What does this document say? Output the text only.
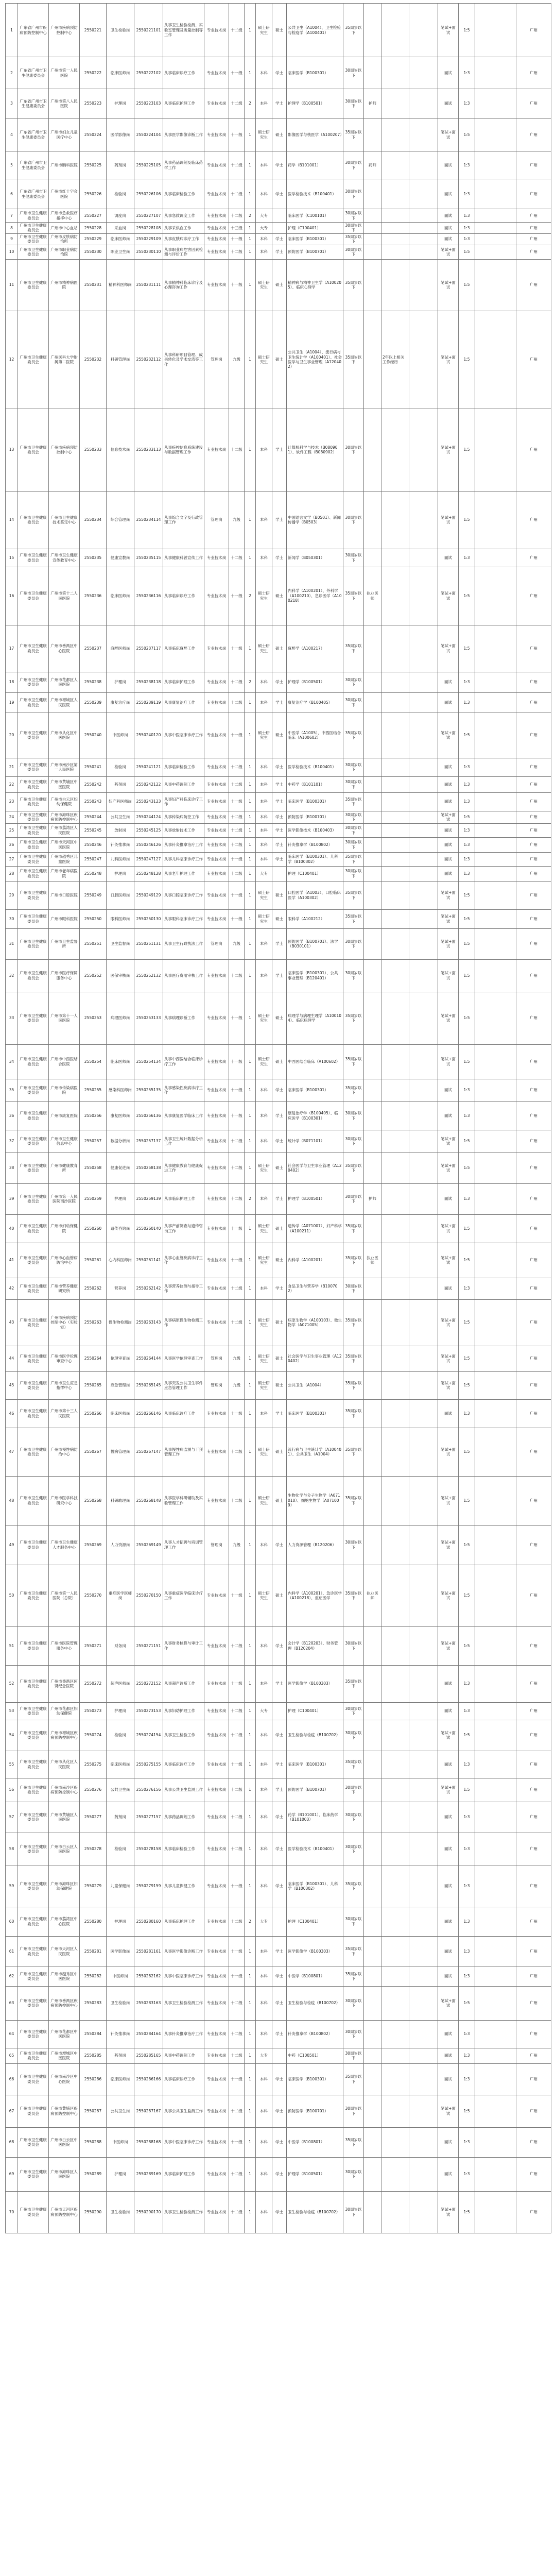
1	广东省广州市疾病预防控制中心	广州市疾病预防控制中心	2550221	卫生检验岗	2550221101	从事卫生检验检测、实验室管理及质量控制等工作	专业技术岗	十二级	1	硕士研究生	硕士	公共卫生（A1004）、卫生检验与检疫学（A100401）	35周岁以下				笔试+面试	1:5		广州
2	广东省广州市卫生健康委员会	广州市第一人民医院	2550222	临床医师岗	2550222102	从事临床诊疗工作	专业技术岗	十一级	1	本科	学士	临床医学（B100301）	30周岁以下				面试	1:3		广州
3	广东省广州市卫生健康委员会	广州市第八人民医院	2550223	护理岗	2550223103	从事临床护理工作	专业技术岗	十二级	2	本科	学士	护理学（B100501）	30周岁以下	护师			面试	1:3		广州
4	广东省广州市卫生健康委员会	广州市妇女儿童医疗中心	2550224	医学影像岗	2550224104	从事医学影像诊断工作	专业技术岗	十一级	1	硕士研究生	硕士	影像医学与核医学（A100207）	35周岁以下				笔试+面试	1:5		广州
5	广东省广州市卫生健康委员会	广州市胸科医院	2550225	药剂岗	2550225105	从事药品调剂及临床药学工作	专业技术岗	十二级	1	本科	学士	药学（B101001）	30周岁以下	药师			面试	1:3		广州
6	广东省广州市卫生健康委员会	广州市红十字会医院	2550226	检验岗	2550226106	从事临床检验工作	专业技术岗	十二级	1	本科	学士	医学检验技术（B100401）	30周岁以下				面试	1:3		广州
7	广州市卫生健康委员会	广州市急救医疗指挥中心	2550227	调度岗	2550227107	从事急救调度工作	专业技术岗	十二级	2	大专		临床医学（C100101）	30周岁以下				面试	1:3		广州
8	广州市卫生健康委员会	广州市中心血站	2550228	采血岗	2550228108	从事采供血工作	专业技术岗	十三级	1	大专		护理（C100401）	30周岁以下				面试	1:3		广州
9	广州市卫生健康委员会	广州市皮肤病防治所	2550229	临床医师岗	2550229109	从事皮肤病诊疗工作	专业技术岗	十一级	1	本科	学士	临床医学（B100301）	35周岁以下				面试	1:3		广州
10	广州市卫生健康委员会	广州市职业病防治院	2550230	职业卫生岗	2550230110	从事职业病危害因素检测与评价工作	专业技术岗	十二级	1	本科	学士	预防医学（B100701）	30周岁以下				笔试+面试	1:5		广州
11	广州市卫生健康委员会	广州市精神病医院	2550231	精神科医师岗	2550231111	从事精神科临床诊疗及心理咨询工作	专业技术岗	十一级	1	硕士研究生	硕士	精神病与精神卫生学（A100205）、临床心理学	35周岁以下				笔试+面试	1:5		广州
12	广州市卫生健康委员会	广州医科大学附属第二医院	2550232	科研管理岗	2550232112	从事科研项目管理、成果转化及学术交流等工作	管理岗	九级	1	硕士研究生	硕士	公共卫生（A1004）、流行病与卫生统计学（A100401）、社会医学与卫生事业管理（A120402）	35周岁以下		2年以上相关工作经历		笔试+面试	1:5		广州
13	广州市卫生健康委员会	广州市疾病预防控制中心	2550233	信息技术岗	2550233113	从事疾控信息系统建设与数据管理工作	专业技术岗	十二级	1	本科	学士	计算机科学与技术（B080901）、软件工程（B080902）	30周岁以下				笔试+面试	1:5		广州
14	广州市卫生健康委员会	广州市卫生健康技术鉴定中心	2550234	综合管理岗	2550234114	从事综合文字及行政管理工作	管理岗	九级	1	本科	学士	中国语言文学（B0501）、新闻传播学（B0503）	30周岁以下				笔试+面试	1:5		广州
15	广州市卫生健康委员会	广州市卫生健康宣传教育中心	2550235	健康宣教岗	2550235115	从事健康科普宣传工作	专业技术岗	十二级	1	本科	学士	新闻学（B050301）	30周岁以下				面试	1:3		广州
16	广州市卫生健康委员会	广州市第十二人民医院	2550236	临床医师岗	2550236116	从事临床诊疗工作	专业技术岗	十一级	2	硕士研究生	硕士	内科学（A100201）、外科学（A100210）、急诊医学（A100218）	35周岁以下	执业医师			笔试+面试	1:5		广州
17	广州市卫生健康委员会	广州市番禺区中心医院	2550237	麻醉医师岗	2550237117	从事临床麻醉工作	专业技术岗	十一级	1	硕士研究生	硕士	麻醉学（A100217）	35周岁以下				笔试+面试	1:5		广州
18	广州市卫生健康委员会	广州市花都区人民医院	2550238	护理岗	2550238118	从事临床护理工作	专业技术岗	十二级	2	本科	学士	护理学（B100501）	30周岁以下				面试	1:3		广州
19	广州市卫生健康委员会	广州市增城区人民医院	2550239	康复治疗岗	2550239119	从事康复治疗工作	专业技术岗	十二级	1	本科	学士	康复治疗学（B100405）	30周岁以下				面试	1:3		广州
20	广州市卫生健康委员会	广州市从化区中医医院	2550240	中医师岗	2550240120	从事中医临床诊疗工作	专业技术岗	十一级	1	硕士研究生	硕士	中医学（A1005）、中西医结合临床（A100602）	35周岁以下				笔试+面试	1:5		广州
21	广州市卫生健康委员会	广州市南沙区第一人民医院	2550241	检验岗	2550241121	从事临床检验工作	专业技术岗	十二级	1	本科	学士	医学检验技术（B100401）	30周岁以下				面试	1:3		广州
22	广州市卫生健康委员会	广州市黄埔区中医医院	2550242	药剂岗	2550242122	从事中药调剂工作	专业技术岗	十二级	1	本科	学士	中药学（B101101）	30周岁以下				面试	1:3		广州
23	广州市卫生健康委员会	广州市白云区妇幼保健院	2550243	妇产科医师岗	2550243123	从事妇产科临床诊疗工作	专业技术岗	十一级	1	本科	学士	临床医学（B100301）	35周岁以下				面试	1:3		广州
24	广州市卫生健康委员会	广州市海珠区疾病预防控制中心	2550244	公共卫生岗	2550244124	从事传染病防控工作	专业技术岗	十二级	1	本科	学士	预防医学（B100701）	30周岁以下				笔试+面试	1:5		广州
25	广州市卫生健康委员会	广州市荔湾区人民医院	2550245	放射岗	2550245125	从事放射技术工作	专业技术岗	十二级	1	本科	学士	医学影像技术（B100403）	30周岁以下				面试	1:3		广州
26	广州市卫生健康委员会	广州市天河区中医医院	2550246	针灸推拿岗	2550246126	从事针灸推拿治疗工作	专业技术岗	十二级	1	本科	学士	针灸推拿学（B100802）	30周岁以下				面试	1:3		广州
27	广州市卫生健康委员会	广州市越秀区儿童医院	2550247	儿科医师岗	2550247127	从事儿科临床诊疗工作	专业技术岗	十一级	1	本科	学士	临床医学（B100301）、儿科学（B100302）	35周岁以下				面试	1:3		广州
28	广州市卫生健康委员会	广州市老年病医院	2550248	护理岗	2550248128	从事老年护理工作	专业技术岗	十二级	1	大专		护理（C100401）	30周岁以下				面试	1:3		广州
29	广州市卫生健康委员会	广州市口腔医院	2550249	口腔医师岗	2550249129	从事口腔临床诊疗工作	专业技术岗	十一级	1	硕士研究生	硕士	口腔医学（A1003）、口腔临床医学（A100302）	35周岁以下				笔试+面试	1:5		广州
30	广州市卫生健康委员会	广州市眼科医院	2550250	眼科医师岗	2550250130	从事眼科临床诊疗工作	专业技术岗	十一级	1	硕士研究生	硕士	眼科学（A100212）	35周岁以下				笔试+面试	1:5		广州
31	广州市卫生健康委员会	广州市卫生监督所	2550251	卫生监督岗	2550251131	从事卫生行政执法工作	管理岗	九级	1	本科	学士	预防医学（B100701）、法学（B030101）	30周岁以下				笔试+面试	1:5		广州
32	广州市卫生健康委员会	广州市医疗保障服务中心	2550252	医保审核岗	2550252132	从事医疗费用审核工作	专业技术岗	十二级	1	本科	学士	临床医学（B100301）、公共事业管理（B120401）	30周岁以下				笔试+面试	1:5		广州
33	广州市卫生健康委员会	广州市第十一人民医院	2550253	病理医师岗	2550253133	从事病理诊断工作	专业技术岗	十一级	1	硕士研究生	硕士	病理学与病理生理学（A100104）、临床病理学	35周岁以下				笔试+面试	1:5		广州
34	广州市卫生健康委员会	广州市中西医结合医院	2550254	临床医师岗	2550254134	从事中西医结合临床诊疗工作	专业技术岗	十一级	1	硕士研究生	硕士	中西医结合临床（A100602）	35周岁以下				笔试+面试	1:5		广州
35	广州市卫生健康委员会	广州市传染病医院	2550255	感染科医师岗	2550255135	从事感染性疾病诊疗工作	专业技术岗	十一级	1	本科	学士	临床医学（B100301）	35周岁以下				面试	1:3		广州
36	广州市卫生健康委员会	广州市康复医院	2550256	康复医师岗	2550256136	从事康复医学临床工作	专业技术岗	十一级	1	本科	学士	康复治疗学（B100405）、临床医学（B100301）	30周岁以下				面试	1:3		广州
37	广州市卫生健康委员会	广州市卫生健康信息中心	2550257	数据分析岗	2550257137	从事卫生统计数据分析工作	专业技术岗	十二级	1	本科	学士	统计学（B071101）	30周岁以下				笔试+面试	1:5		广州
38	广州市卫生健康委员会	广州市健康教育所	2550258	健康促进岗	2550258138	从事健康教育与健康促进工作	专业技术岗	十二级	1	硕士研究生	硕士	社会医学与卫生事业管理（A120402）	35周岁以下				笔试+面试	1:5		广州
39	广州市卫生健康委员会	广州市第一人民医院南沙医院	2550259	护理岗	2550259139	从事临床护理工作	专业技术岗	十二级	2	本科	学士	护理学（B100501）	30周岁以下	护师			面试	1:3		广州
40	广州市卫生健康委员会	广州市妇幼保健院	2550260	遗传咨询岗	2550260140	从事产前筛查与遗传咨询工作	专业技术岗	十一级	1	硕士研究生	硕士	遗传学（A071007）、妇产科学（A100211）	35周岁以下				笔试+面试	1:5		广州
41	广州市卫生健康委员会	广州市心血管病防治中心	2550261	心内科医师岗	2550261141	从事心血管疾病诊疗工作	专业技术岗	十一级	1	硕士研究生	硕士	内科学（A100201）	35周岁以下	执业医师			笔试+面试	1:5		广州
42	广州市卫生健康委员会	广州市营养健康研究所	2550262	营养岗	2550262142	从事营养监测与指导工作	专业技术岗	十二级	1	本科	学士	食品卫生与营养学（B100702）	30周岁以下				面试	1:3		广州
43	广州市卫生健康委员会	广州市疾病预防控制中心（实验室）	2550263	微生物检测岗	2550263143	从事病原微生物检测工作	专业技术岗	十二级	1	硕士研究生	硕士	病原生物学（A100103）、微生物学（A071005）	35周岁以下				笔试+面试	1:5		广州
44	广州市卫生健康委员会	广州市医学伦理审查中心	2550264	伦理审查岗	2550264144	从事医学伦理审查工作	管理岗	九级	1	硕士研究生	硕士	社会医学与卫生事业管理（A120402）	35周岁以下				笔试+面试	1:5		广州
45	广州市卫生健康委员会	广州市卫生应急指挥中心	2550265	应急管理岗	2550265145	从事突发公共卫生事件应急管理工作	管理岗	九级	1	硕士研究生	硕士	公共卫生（A1004）	35周岁以下				笔试+面试	1:5		广州
46	广州市卫生健康委员会	广州市第十三人民医院	2550266	临床医师岗	2550266146	从事临床诊疗工作	专业技术岗	十一级	1	本科	学士	临床医学（B100301）	35周岁以下				面试	1:3		广州
47	广州市卫生健康委员会	广州市慢性病防治中心	2550267	慢病管理岗	2550267147	从事慢性病监测与干预管理工作	专业技术岗	十二级	1	硕士研究生	硕士	流行病与卫生统计学（A100401）、公共卫生（A1004）	35周岁以下				笔试+面试	1:5		广州
48	广州市卫生健康委员会	广州市医学科技研究中心	2550268	科研助理岗	2550268148	从事医学科研辅助及实验管理工作	专业技术岗	十二级	1	硕士研究生	硕士	生物化学与分子生物学（A071010）、细胞生物学（A071009）	35周岁以下				笔试+面试	1:5		广州
49	广州市卫生健康委员会	广州市卫生健康人才服务中心	2550269	人力资源岗	2550269149	从事人才招聘与培训管理工作	管理岗	九级	1	本科	学士	人力资源管理（B120206）	30周岁以下				笔试+面试	1:5		广州
50	广州市卫生健康委员会	广州市第一人民医院（总院）	2550270	重症医学医师岗	2550270150	从事重症医学临床诊疗工作	专业技术岗	十一级	1	硕士研究生	硕士	内科学（A100201）、急诊医学（A100218）、重症医学	35周岁以下	执业医师			笔试+面试	1:5		广州
51	广州市卫生健康委员会	广州市医院管理服务中心	2550271	财务岗	2550271151	从事财务核算与审计工作	专业技术岗	十二级	1	本科	学士	会计学（B120203）、财务管理（B120204）	30周岁以下				笔试+面试	1:5		广州
52	广州市卫生健康委员会	广州市番禺区何贤纪念医院	2550272	超声医师岗	2550272152	从事超声诊断工作	专业技术岗	十一级	1	本科	学士	医学影像学（B100303）	35周岁以下				面试	1:3		广州
53	广州市卫生健康委员会	广州市花都区妇幼保健院	2550273	护理岗	2550273153	从事妇幼护理工作	专业技术岗	十二级	1	大专		护理（C100401）	30周岁以下				面试	1:3		广州
54	广州市卫生健康委员会	广州市增城区疾病预防控制中心	2550274	检验岗	2550274154	从事卫生检验工作	专业技术岗	十二级	1	本科	学士	卫生检验与检疫（B100702）	30周岁以下				笔试+面试	1:5		广州
55	广州市卫生健康委员会	广州市从化区人民医院	2550275	临床医师岗	2550275155	从事临床诊疗工作	专业技术岗	十一级	1	本科	学士	临床医学（B100301）	35周岁以下				面试	1:3		广州
56	广州市卫生健康委员会	广州市南沙区疾病预防控制中心	2550276	公共卫生岗	2550276156	从事公共卫生监测工作	专业技术岗	十二级	1	本科	学士	预防医学（B100701）	30周岁以下				笔试+面试	1:5		广州
57	广州市卫生健康委员会	广州市黄埔区人民医院	2550277	药剂岗	2550277157	从事药品调剂工作	专业技术岗	十二级	1	本科	学士	药学（B101001）、临床药学（B101003）	30周岁以下				面试	1:3		广州
58	广州市卫生健康委员会	广州市白云区人民医院	2550278	检验岗	2550278158	从事临床检验工作	专业技术岗	十二级	1	本科	学士	医学检验技术（B100401）	30周岁以下				面试	1:3		广州
59	广州市卫生健康委员会	广州市海珠区妇幼保健院	2550279	儿童保健岗	2550279159	从事儿童保健工作	专业技术岗	十一级	1	本科	学士	临床医学（B100301）、儿科学（B100302）	35周岁以下				面试	1:3		广州
60	广州市卫生健康委员会	广州市荔湾区中心医院	2550280	护理岗	2550280160	从事临床护理工作	专业技术岗	十二级	2	大专		护理（C100401）	30周岁以下				面试	1:3		广州
61	广州市卫生健康委员会	广州市天河区人民医院	2550281	医学影像岗	2550281161	从事医学影像诊断工作	专业技术岗	十一级	1	本科	学士	医学影像学（B100303）	35周岁以下				面试	1:3		广州
62	广州市卫生健康委员会	广州市越秀区中医医院	2550282	中医师岗	2550282162	从事中医临床诊疗工作	专业技术岗	十一级	1	本科	学士	中医学（B100801）	35周岁以下				面试	1:3		广州
63	广州市卫生健康委员会	广州市番禺区疾病预防控制中心	2550283	卫生检验岗	2550283163	从事卫生检验检测工作	专业技术岗	十二级	1	本科	学士	卫生检验与检疫（B100702）	30周岁以下				笔试+面试	1:5		广州
64	广州市卫生健康委员会	广州市花都区中医医院	2550284	针灸推拿岗	2550284164	从事针灸推拿治疗工作	专业技术岗	十二级	1	本科	学士	针灸推拿学（B100802）	30周岁以下				面试	1:3		广州
65	广州市卫生健康委员会	广州市增城区中医医院	2550285	药剂岗	2550285165	从事中药调剂工作	专业技术岗	十二级	1	大专		中药（C100501）	30周岁以下				面试	1:3		广州
66	广州市卫生健康委员会	广州市南沙区中心医院	2550286	临床医师岗	2550286166	从事临床诊疗工作	专业技术岗	十一级	1	本科	学士	临床医学（B100301）	35周岁以下				面试	1:3		广州
67	广州市卫生健康委员会	广州市黄埔区疾病预防控制中心	2550287	公共卫生岗	2550287167	从事公共卫生监测工作	专业技术岗	十二级	1	本科	学士	预防医学（B100701）	30周岁以下				笔试+面试	1:5		广州
68	广州市卫生健康委员会	广州市白云区中医医院	2550288	中医师岗	2550288168	从事中医临床诊疗工作	专业技术岗	十一级	1	本科	学士	中医学（B100801）	35周岁以下				面试	1:3		广州
69	广州市卫生健康委员会	广州市海珠区人民医院	2550289	护理岗	2550289169	从事临床护理工作	专业技术岗	十二级	1	本科	学士	护理学（B100501）	30周岁以下				面试	1:3		广州
70	广州市卫生健康委员会	广州市天河区疾病预防控制中心	2550290	卫生检验岗	2550290170	从事卫生检验检测工作	专业技术岗	十二级	1	本科	学士	卫生检验与检疫（B100702）	30周岁以下				笔试+面试	1:5		广州
